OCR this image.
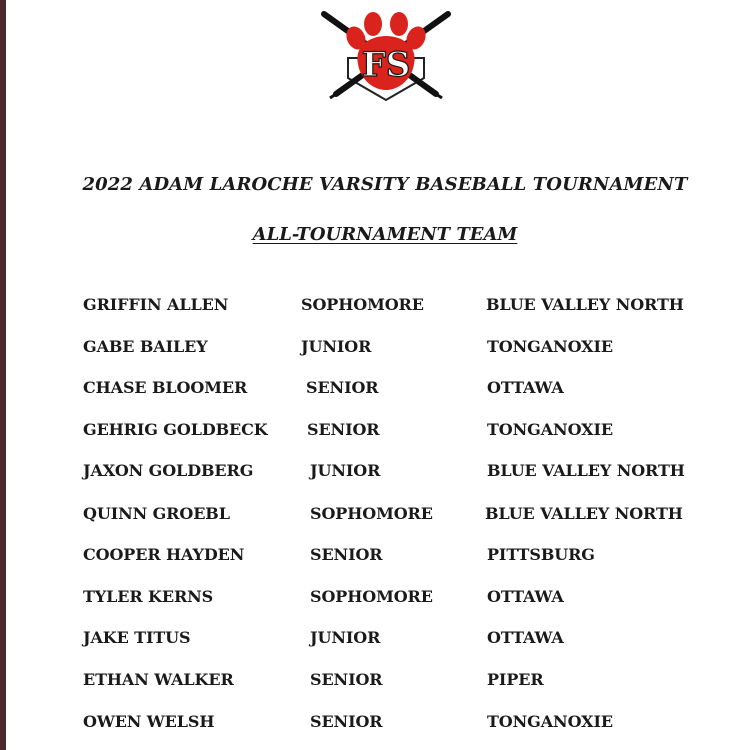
FS
2022 ADAM LAROCHE VARSITY BASEBALL TOURNAMENT
ALL-TOURNAMENT TEAM
GRIFFIN ALLEN	SOPHOMORE	BLUE VALLEY NORTH
GABE BAILEY	JUNIOR	TONGANOXIE
CHASE BLOOMER	SENIOR	OTTAWA
GEHRIG GOLDBECK SENIOR	TONGANOXIE
JAXON GOLDBERG	JUNIOR	BLUE VALLEY NORTH
QUINN GROEBL	SOPHOMORE	BLUE VALLEY NORTH
COOPER HAYDEN	SENIOR	PITTSBURG
TYLER KERNS	SOPHOMORE	OTTAWA
JAKE TITUS	JUNIOR	OTTAWA
ETHAN WALKER	SENIOR	PIPER
OWEN WELSH	SENIOR	TONGANOXIE
